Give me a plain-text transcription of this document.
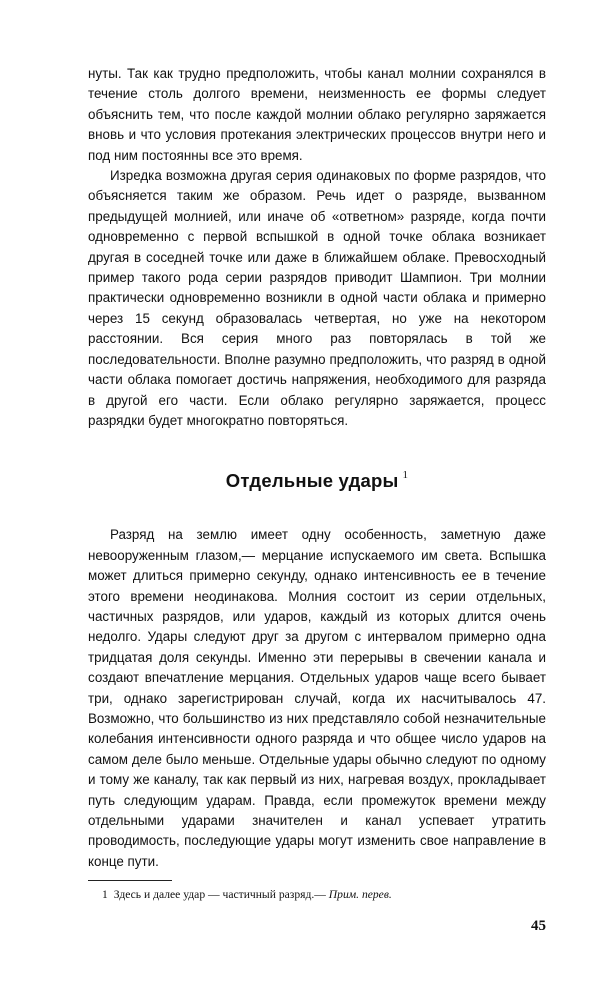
нуты. Так как трудно предположить, чтобы канал молнии сохранялся в течение столь долгого времени, неизменность ее формы следует объяснить тем, что после каждой молнии облако регулярно заряжается вновь и что условия протекания электрических процессов внутри него и под ним постоянны все это время.

Изредка возможна другая серия одинаковых по форме разрядов, что объясняется таким же образом. Речь идет о разряде, вызванном предыдущей молнией, или иначе об «ответном» разряде, когда почти одновременно с первой вспышкой в одной точке облака возникает другая в соседней точке или даже в ближайшем облаке. Превосходный пример такого рода серии разрядов приводит Шампион. Три молнии практически одновременно возникли в одной части облака и примерно через 15 секунд образовалась четвертая, но уже на некотором расстоянии. Вся серия много раз повторялась в той же последовательности. Вполне разумно предположить, что разряд в одной части облака помогает достичь напряжения, необходимого для разряда в другой его части. Если облако регулярно заряжается, процесс разрядки будет многократно повторяться.

Отдельные удары $^1$

Разряд на землю имеет одну особенность, заметную даже невооруженным глазом,— мерцание испускаемого им света. Вспышка может длиться примерно секунду, однако интенсивность ее в течение этого времени неодинакова. Молния состоит из серии отдельных, частичных разрядов, или ударов, каждый из которых длится очень недолго. Удары следуют друг за другом с интервалом примерно одна тридцатая доля секунды. Именно эти перерывы в свечении канала и создают впечатление мерцания. Отдельных ударов чаще всего бывает три, однако зарегистрирован случай, когда их насчитывалось 47. Возможно, что большинство из них представляло собой незначительные колебания интенсивности одного разряда и что общее число ударов на самом деле было меньше. Отдельные удары обычно следуют по одному и тому же каналу, так как первый из них, нагревая воздух, прокладывает путь следующим ударам. Правда, если промежуток времени между отдельными ударами значителен и канал успевает утратить проводимость, последующие удары могут изменить свое направление в конце пути.

1 Здесь и далее удар — частичный разряд.— Прим. перев.
45
